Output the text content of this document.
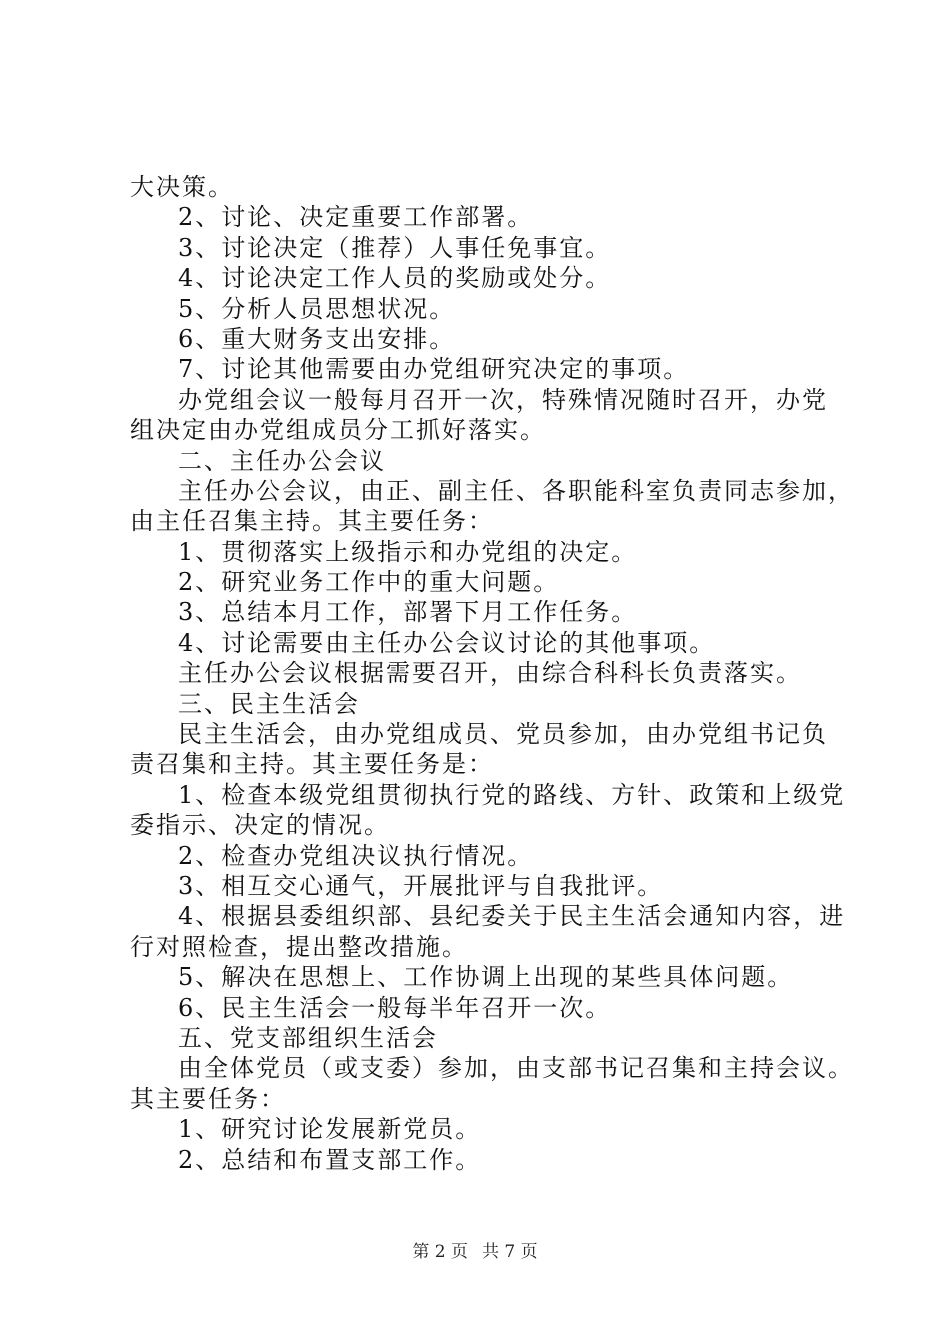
大决策。
2、讨论、决定重要工作部署。
3、讨论决定（推荐）人事任免事宜。
4、讨论决定工作人员的奖励或处分。
5、分析人员思想状况。
6、重大财务支出安排。
7、讨论其他需要由办党组研究决定的事项。
办党组会议一般每月召开一次，特殊情况随时召开，办党
组决定由办党组成员分工抓好落实。
二、主任办公会议
主任办公会议，由正、副主任、各职能科室负责同志参加，
由主任召集主持。其主要任务：
1、贯彻落实上级指示和办党组的决定。
2、研究业务工作中的重大问题。
3、总结本月工作，部署下月工作任务。
4、讨论需要由主任办公会议讨论的其他事项。
主任办公会议根据需要召开，由综合科科长负责落实。
三、民主生活会
民主生活会，由办党组成员、党员参加，由办党组书记负
责召集和主持。其主要任务是：
1、检查本级党组贯彻执行党的路线、方针、政策和上级党
委指示、决定的情况。
2、检查办党组决议执行情况。
3、相互交心通气，开展批评与自我批评。
4、根据县委组织部、县纪委关于民主生活会通知内容，进
行对照检查，提出整改措施。
5、解决在思想上、工作协调上出现的某些具体问题。
6、民主生活会一般每半年召开一次。
五、党支部组织生活会
由全体党员（或支委）参加，由支部书记召集和主持会议。
其主要任务：
1、研究讨论发展新党员。
2、总结和布置支部工作。
第 2 页 共 7 页
